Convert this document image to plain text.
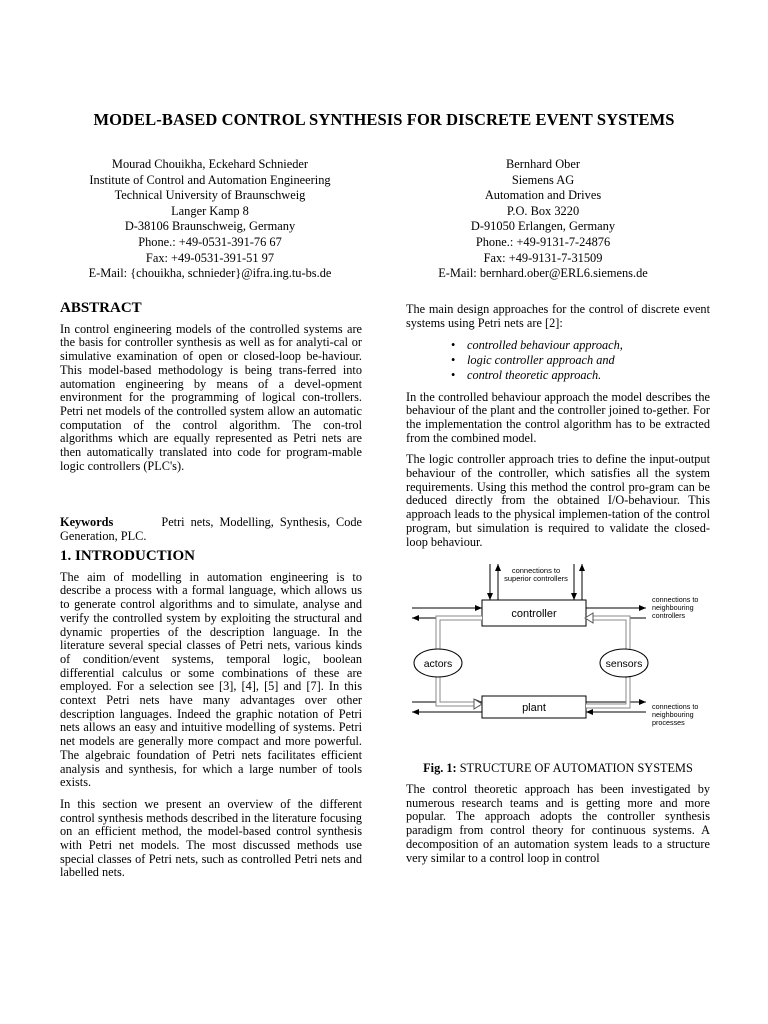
MODEL-BASED CONTROL SYNTHESIS FOR DISCRETE EVENT SYSTEMS
Mourad Chouikha, Eckehard Schnieder
Institute of Control and Automation Engineering
Technical University of Braunschweig
Langer Kamp 8
D-38106 Braunschweig, Germany
Phone.: +49-0531-391-76 67
Fax: +49-0531-391-51 97
E-Mail: {chouikha, schnieder}@ifra.ing.tu-bs.de
Bernhard Ober
Siemens AG
Automation and Drives
P.O. Box 3220
D-91050 Erlangen, Germany
Phone.: +49-9131-7-24876
Fax: +49-9131-7-31509
E-Mail: bernhard.ober@ERL6.siemens.de
ABSTRACT

In control engineering models of the controlled systems are the basis for controller synthesis as well as for analyti-cal or simulative examination of open or closed-loop be-haviour. This model-based methodology is being trans-ferred into automation engineering by means of a devel-opment environment for the programming of logical con-trollers. Petri net models of the controlled system allow an automatic computation of the control algorithm. The con-trol algorithms which are equally represented as Petri nets are then automatically translated into code for program-mable logic controllers (PLC's).

Keywords	Petri nets, Modelling, Synthesis, Code Generation, PLC.

1. INTRODUCTION

The aim of modelling in automation engineering is to describe a process with a formal language, which allows us to generate control algorithms and to simulate, analyse and verify the controlled system by exploiting the structural and dynamic properties of the description language. In the literature several special classes of Petri nets, various kinds of condition/event systems, temporal logic, boolean differential calculus or some combinations of these are employed. For a selection see [3], [4], [5] and [7]. In this context Petri nets have many advantages over other description languages. Indeed the graphic notation of Petri nets allows an easy and intuitive modelling of systems. Petri net models are generally more compact and more powerful. The algebraic foundation of Petri nets facilitates efficient analysis and synthesis, for which a large number of tools exists.

In this section we present an overview of the different control synthesis methods described in the literature focusing on an efficient method, the model-based control synthesis with Petri net models. The most discussed methods use special classes of Petri nets, such as controlled Petri nets and labelled nets.

The main design approaches for the control of discrete event systems using Petri nets are [2]:

• controlled behaviour approach,
• logic controller approach and
• control theoretic approach.

In the controlled behaviour approach the model describes the behaviour of the plant and the controller joined to-gether. For the implementation the control algorithm has to be extracted from the combined model.

The logic controller approach tries to define the input-output behaviour of the controller, which satisfies all the system requirements. Using this method the control pro-gram can be deduced directly from the obtained I/O-behaviour. This approach leads to the physical implemen-tation of the control program, but simulation is required to validate the closed-loop behaviour.

connections to
superior controllers
controller
plant
connections to
neighbouring
controllers
connections to
neighbouring
processes
actors	sensors
Fig. 1: STRUCTURE OF AUTOMATION SYSTEMS

The control theoretic approach has been investigated by numerous research teams and is getting more and more popular. The approach adopts the controller synthesis paradigm from control theory for continuous systems. A decomposition of an automation system leads to a structure very similar to a control loop in control
